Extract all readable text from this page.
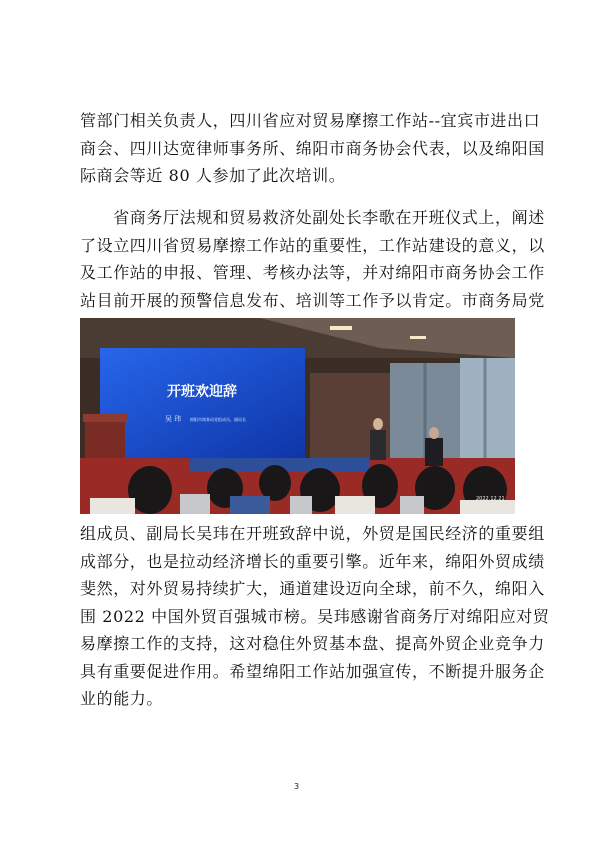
管部门相关负责人，四川省应对贸易摩擦工作站--宜宾市进出口
商会、四川达宽律师事务所、绵阳市商务协会代表，以及绵阳国
际商会等近 80 人参加了此次培训。
　　省商务厅法规和贸易救济处副处长李歌在开班仪式上，阐述
了设立四川省贸易摩擦工作站的重要性，工作站建设的意义，以
及工作站的申报、管理、考核办法等，并对绵阳市商务协会工作
站目前开展的预警信息发布、培训等工作予以肯定。市商务局党
开班欢迎辞
吴 玮 绵阳市商务局党组成员、副局长
2022.12.21
组成员、副局长吴玮在开班致辞中说，外贸是国民经济的重要组
成部分，也是拉动经济增长的重要引擎。近年来，绵阳外贸成绩
斐然，对外贸易持续扩大，通道建设迈向全球，前不久，绵阳入
围 2022 中国外贸百强城市榜。吴玮感谢省商务厅对绵阳应对贸
易摩擦工作的支持，这对稳住外贸基本盘、提高外贸企业竞争力
具有重要促进作用。希望绵阳工作站加强宣传，不断提升服务企
业的能力。
3
